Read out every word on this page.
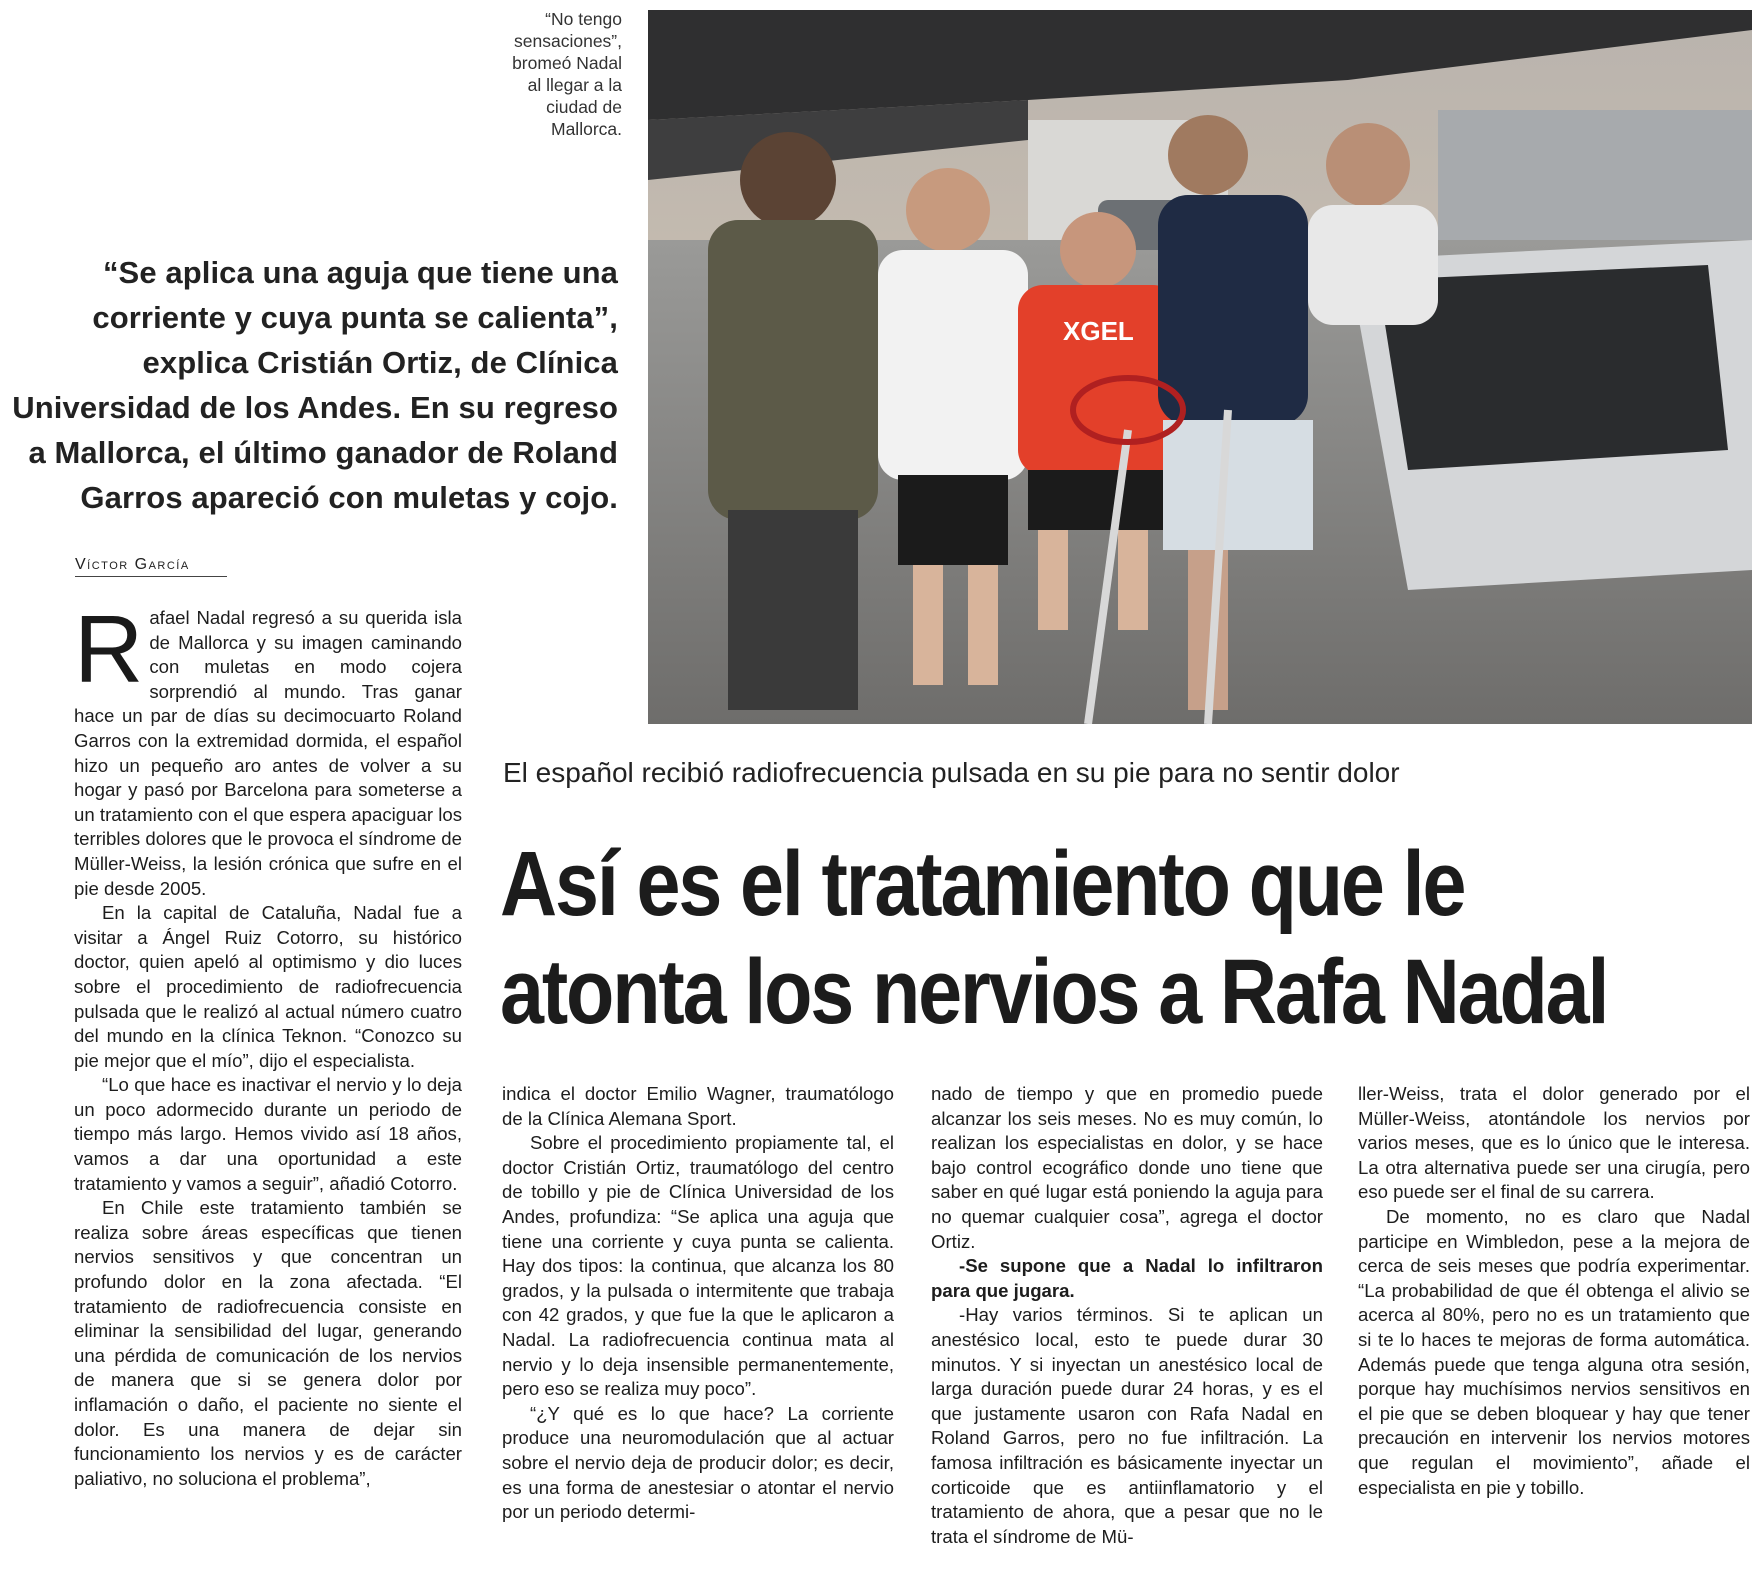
“No tengo
sensaciones”,
bromeó Nadal
al llegar a la
ciudad de
Mallorca.
XGEL
“Se aplica una aguja que tiene una
corriente y cuya punta se calienta”,
explica Cristián Ortiz, de Clínica
Universidad de los Andes. En su regreso
a Mallorca, el último ganador de Roland
Garros apareció con muletas y cojo.
Víctor García

Rafael Nadal regresó a su querida isla de Mallorca y su imagen caminando con muletas en modo cojera sorprendió al mundo. Tras ganar hace un par de días su decimocuarto Roland Garros con la extremidad dormida, el español hizo un pequeño aro antes de volver a su hogar y pasó por Barcelona para someterse a un tratamiento con el que espera apaciguar los terribles dolores que le provoca el síndrome de Müller-Weiss, la lesión crónica que sufre en el pie desde 2005.

En la capital de Cataluña, Nadal fue a visitar a Ángel Ruiz Cotorro, su histórico doctor, quien apeló al optimismo y dio luces sobre el procedimiento de radiofrecuencia pulsada que le realizó al actual número cuatro del mundo en la clínica Teknon. “Conozco su pie mejor que el mío”, dijo el especialista.

“Lo que hace es inactivar el nervio y lo deja un poco adormecido durante un periodo de tiempo más largo. Hemos vivido así 18 años, vamos a dar una oportunidad a este tratamiento y vamos a seguir”, añadió Cotorro.

En Chile este tratamiento también se realiza sobre áreas específicas que tienen nervios sensitivos y que concentran un profundo dolor en la zona afectada. “El tratamiento de radiofrecuencia consiste en eliminar la sensibilidad del lugar, generando una pérdida de comunicación de los nervios de manera que si se genera dolor por inflamación o daño, el paciente no siente el dolor. Es una manera de dejar sin funcionamiento los nervios y es de carácter paliativo, no soluciona el problema”,

El español recibió radiofrecuencia pulsada en su pie para no sentir dolor
Así es el tratamiento que le
atonta los nervios a Rafa Nadal

indica el doctor Emilio Wagner, traumatólogo de la Clínica Alemana Sport.

Sobre el procedimiento propiamente tal, el doctor Cristián Ortiz, traumatólogo del centro de tobillo y pie de Clínica Universidad de los Andes, profundiza: “Se aplica una aguja que tiene una corriente y cuya punta se calienta. Hay dos tipos: la continua, que alcanza los 80 grados, y la pulsada o intermitente que trabaja con 42 grados, y que fue la que le aplicaron a Nadal. La radiofrecuencia continua mata al nervio y lo deja insensible permanentemente, pero eso se realiza muy poco”.

“¿Y qué es lo que hace? La corriente produce una neuromodulación que al actuar sobre el nervio deja de producir dolor; es decir, es una forma de anestesiar o atontar el nervio por un periodo determi-

nado de tiempo y que en promedio puede alcanzar los seis meses. No es muy común, lo realizan los especialistas en dolor, y se hace bajo control ecográfico donde uno tiene que saber en qué lugar está poniendo la aguja para no quemar cualquier cosa”, agrega el doctor Ortiz.

-Se supone que a Nadal lo infiltraron para que jugara.

-Hay varios términos. Si te aplican un anestésico local, esto te puede durar 30 minutos. Y si inyectan un anestésico local de larga duración puede durar 24 horas, y es el que justamente usaron con Rafa Nadal en Roland Garros, pero no fue infiltración. La famosa infiltración es básicamente inyectar un corticoide que es antiinflamatorio y el tratamiento de ahora, que a pesar que no le trata el síndrome de Mü-

ller-Weiss, trata el dolor generado por el Müller-Weiss, atontándole los nervios por varios meses, que es lo único que le interesa. La otra alternativa puede ser una cirugía, pero eso puede ser el final de su carrera.

De momento, no es claro que Nadal participe en Wimbledon, pese a la mejora de cerca de seis meses que podría experimentar. “La probabilidad de que él obtenga el alivio se acerca al 80%, pero no es un tratamiento que si te lo haces te mejoras de forma automática. Además puede que tenga alguna otra sesión, porque hay muchísimos nervios sensitivos en el pie que se deben bloquear y hay que tener precaución en intervenir los nervios motores que regulan el movimiento”, añade el especialista en pie y tobillo.
